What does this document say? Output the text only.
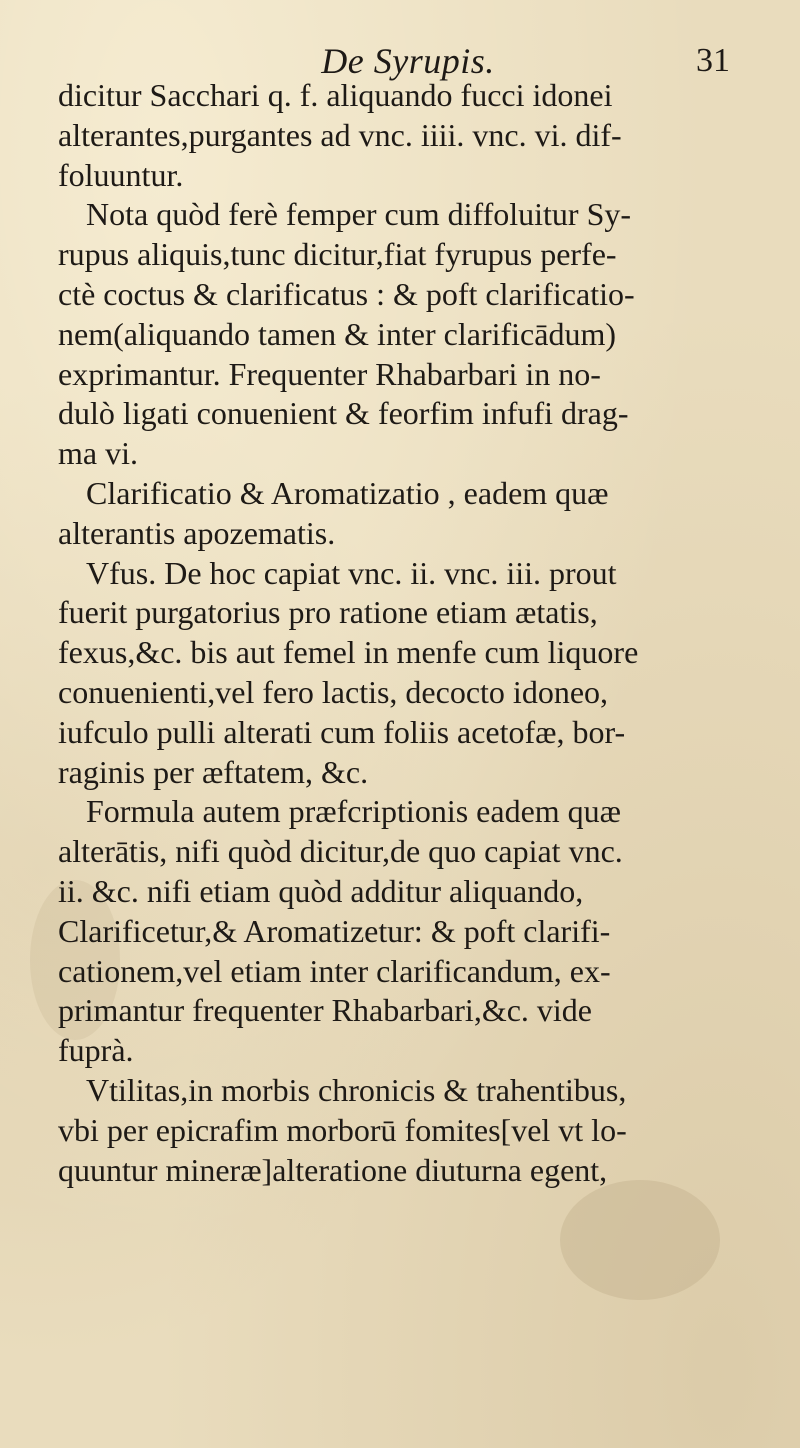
De Syrupis.	31
dicitur Sacchari q. f. aliquando fucci idonei
alterantes,purgantes ad vnc. iiii. vnc. vi. dif-
foluuntur.
Nota quòd ferè femper cum diffoluitur Sy-
rupus aliquis,tunc dicitur,fiat fyrupus perfe-
ctè coctus & clarificatus : & poft clarificatio-
nem(aliquando tamen & inter clarificādum)
exprimantur. Frequenter Rhabarbari in no-
dulò ligati conuenient & feorfim infufi drag-
ma vi.
Clarificatio & Aromatizatio , eadem quæ
alterantis apozematis.
Vfus. De hoc capiat vnc. ii. vnc. iii. prout
fuerit purgatorius pro ratione etiam ætatis,
fexus,&c. bis aut femel in menfe cum liquore
conuenienti,vel fero lactis, decocto idoneo,
iufculo pulli alterati cum foliis acetofæ, bor-
raginis per æftatem, &c.
Formula autem præfcriptionis eadem quæ
alterātis, nifi quòd dicitur,de quo capiat vnc.
ii. &c. nifi etiam quòd additur aliquando,
Clarificetur,& Aromatizetur: & poft clarifi-
cationem,vel etiam inter clarificandum, ex-
primantur frequenter Rhabarbari,&c. vide
fuprà.
Vtilitas,in morbis chronicis & trahentibus,
vbi per epicrafim morborū fomites[vel vt lo-
quuntur mineræ]alteratione diuturna egent,
